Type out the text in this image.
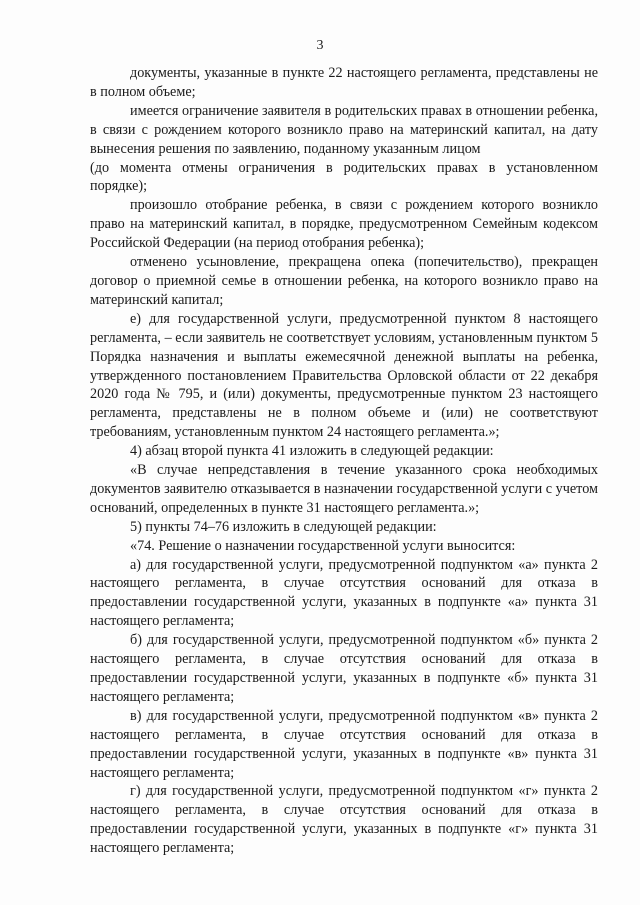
3

документы, указанные в пункте 22 настоящего регламента, представлены не в полном объеме;

имеется ограничение заявителя в родительских правах в отношении ребенка, в связи с рождением которого возникло право на материнский капитал, на дату вынесения решения по заявлению, поданному указанным лицом

(до момента отмены ограничения в родительских правах в установленном порядке);

произошло отобрание ребенка, в связи с рождением которого возникло право на материнский капитал, в порядке, предусмотренном Семейным кодексом Российской Федерации (на период отобрания ребенка);

отменено усыновление, прекращена опека (попечительство), прекращен договор о приемной семье в отношении ребенка, на которого возникло право на материнский капитал;

е) для государственной услуги, предусмотренной пунктом 8 настоящего регламента, – если заявитель не соответствует условиям, установленным пунктом 5 Порядка назначения и выплаты ежемесячной денежной выплаты на ребенка, утвержденного постановлением Правительства Орловской области от 22 декабря 2020 года № 795, и (или) документы, предусмотренные пунктом 23 настоящего регламента, представлены не в полном объеме и (или) не соответствуют требованиям, установленным пунктом 24 настоящего регламента.»;

4) абзац второй пункта 41 изложить в следующей редакции:

«В случае непредставления в течение указанного срока необходимых документов заявителю отказывается в назначении государственной услуги с учетом оснований, определенных в пункте 31 настоящего регламента.»;

5) пункты 74–76 изложить в следующей редакции:

«74. Решение о назначении государственной услуги выносится:

а) для государственной услуги, предусмотренной подпунктом «а» пункта 2 настоящего регламента, в случае отсутствия оснований для отказа в предоставлении государственной услуги, указанных в подпункте «а» пункта 31 настоящего регламента;

б) для государственной услуги, предусмотренной подпунктом «б» пункта 2 настоящего регламента, в случае отсутствия оснований для отказа в предоставлении государственной услуги, указанных в подпункте «б» пункта 31 настоящего регламента;

в) для государственной услуги, предусмотренной подпунктом «в» пункта 2 настоящего регламента, в случае отсутствия оснований для отказа в предоставлении государственной услуги, указанных в подпункте «в» пункта 31 настоящего регламента;

г) для государственной услуги, предусмотренной подпунктом «г» пункта 2 настоящего регламента, в случае отсутствия оснований для отказа в предоставлении государственной услуги, указанных в подпункте «г» пункта 31 настоящего регламента;
